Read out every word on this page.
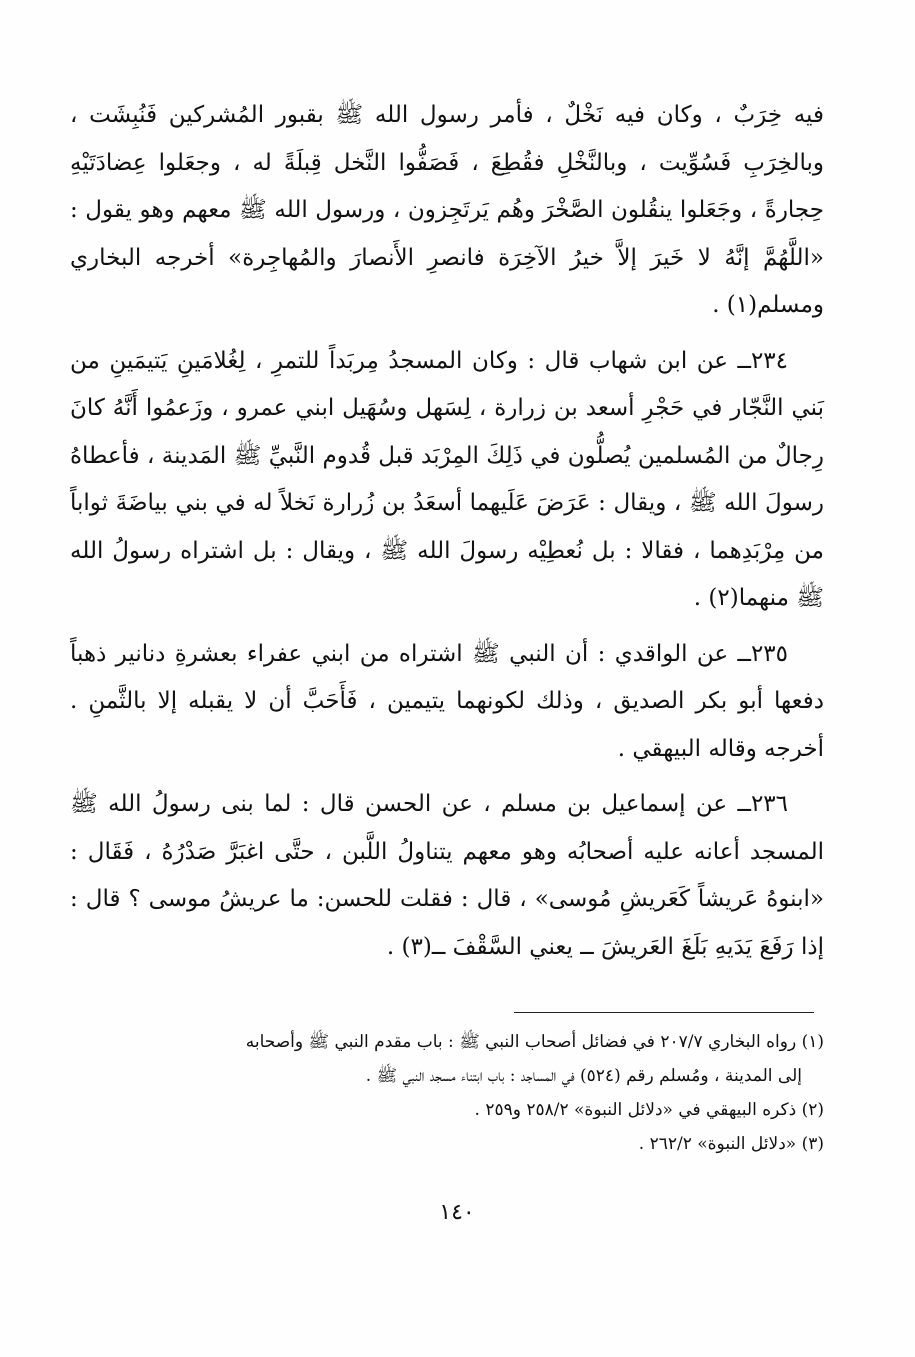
فيه خِرَبٌ ، وكان فيه نَخْلٌ ، فأمر رسول الله ﷺ بقبور المُشركين فَنُبِشَت ، وبالخِرَبِ فَسُوِّيت ، وبالنَّخْلِ فقُطِعَ ، فَصَفُّوا النَّخل قِبلَةً له ، وجعَلوا عِضادَتَيْهِ حِجارةً ، وجَعَلوا ينقُلون الصَّخْرَ وهُم يَرتَجِزون ، ورسول الله ﷺ معهم وهو يقول : «اللَّهُمَّ إنَّهُ لا خَيرَ إلاَّ خيرُ الآخِرَة فانصرِ الأَنصارَ والمُهاجِرة» أخرجه البخاري ومسلم(١) .

٢٣٤ــ عن ابن شهاب قال : وكان المسجدُ مِربَداً للتمرِ ، لِغُلامَينِ يَتيمَينِ من بَني النَّجّار في حَجْرِ أسعد بن زرارة ، لِسَهل وسُهَيل ابني عمرو ، وزَعمُوا أَنَّهُ كانَ رِجالٌ من المُسلمين يُصلُّون في ذَلِكَ المِرْبَد قبل قُدوم النَّبيِّ ﷺ المَدينة ، فأعطاهُ رسولَ الله ﷺ ، ويقال : عَرَضَ عَلَيهما أسعَدُ بن زُرارة نَخلاً له في بني بياضَةَ ثواباً من مِرْبَدِهما ، فقالا : بل نُعطِيْه رسولَ الله ﷺ ، ويقال : بل اشتراه رسولُ الله ﷺ منهما(٢) .

٢٣٥ــ عن الواقدي : أن النبي ﷺ اشتراه من ابني عفراء بعشرةِ دنانير ذهباً دفعها أبو بكر الصديق ، وذلك لكونهما يتيمين ، فَأَحَبَّ أن لا يقبله إلا بالثَّمنِ . أخرجه وقاله البيهقي .

٢٣٦ــ عن إسماعيل بن مسلم ، عن الحسن قال : لما بنى رسولُ الله ﷺ المسجد أعانه عليه أصحابُه وهو معهم يتناولُ اللَّبن ، حتَّى اغبَرَّ صَدْرُهُ ، فَقَال : «ابنوهُ عَريشاً كَعَريشِ مُوسى» ، قال : فقلت للحسن: ما عريشُ موسى ؟ قال : إذا رَفَعَ يَدَيهِ بَلَغَ العَريشَ ــ يعني السَّقْفَ ــ(٣) .

(١) رواه البخاري ٢٠٧/٧ في فضائل أصحاب النبي ﷺ : باب مقدم النبي ﷺ وأصحابه
إلى المدينة ، ومُسلم رقم (٥٢٤) في المساجد : باب ابتناء مسجد النبي ﷺ .

(٢) ذكره البيهقي في «دلائل النبوة» ٢٥٨/٢ و٢٥٩ .

(٣) «دلائل النبوة» ٢٦٢/٢ .

١٤٠
